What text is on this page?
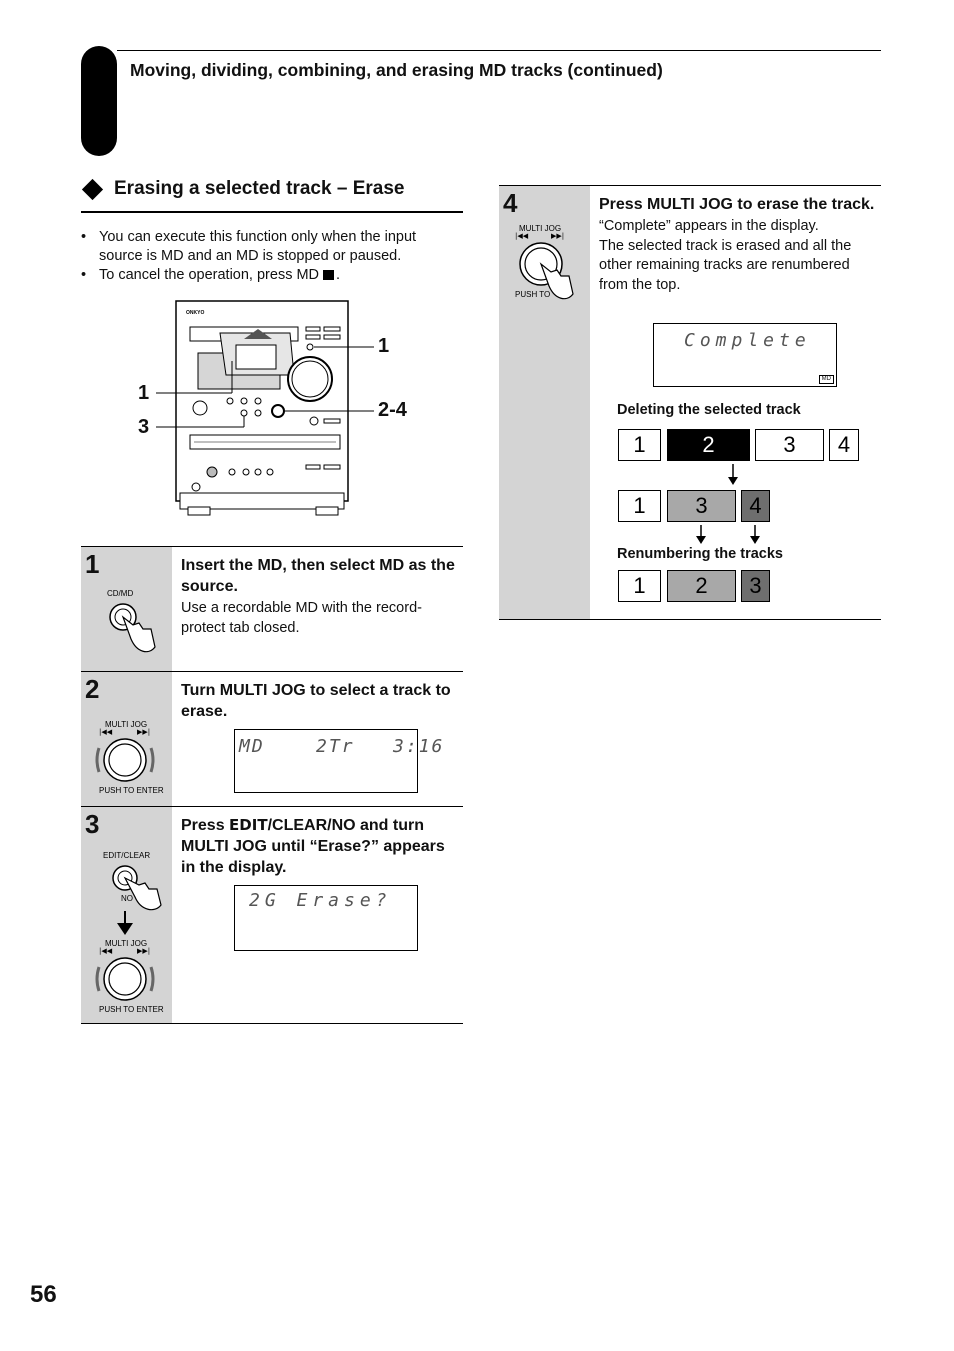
Moving, dividing, combining, and erasing MD tracks (continued)
Erasing a selected track – Erase
• You can execute this function only when the input source is MD and an MD is stopped or paused.
• To cancel the operation, press MD .
ONKYO
1
1
3
2-4
1
CD/MD
Insert the MD, then select MD as the source.
Use a recordable MD with the record-protect tab closed.
2
MULTI JOG
|◀◀	▶▶|
PUSH TO ENTER
Turn MULTI JOG to select a track to erase.
MD    2Tr   3:16
3
EDIT/CLEAR
NO
MULTI JOG
|◀◀	▶▶|
PUSH TO ENTER
Press EDIT/CLEAR/NO and turn MULTI JOG until “Erase?” appears in the display.
2G Erase?
4
MULTI JOG
|◀◀	▶▶|
PUSH TO
Press MULTI JOG to erase the track.
“Complete” appears in the display.
The selected track is erased and all the other remaining tracks are renumbered from the top.
Complete
MD
Deleting the selected track
1	2	3	4
1	3	4
Renumbering the tracks
1	2	3
56
